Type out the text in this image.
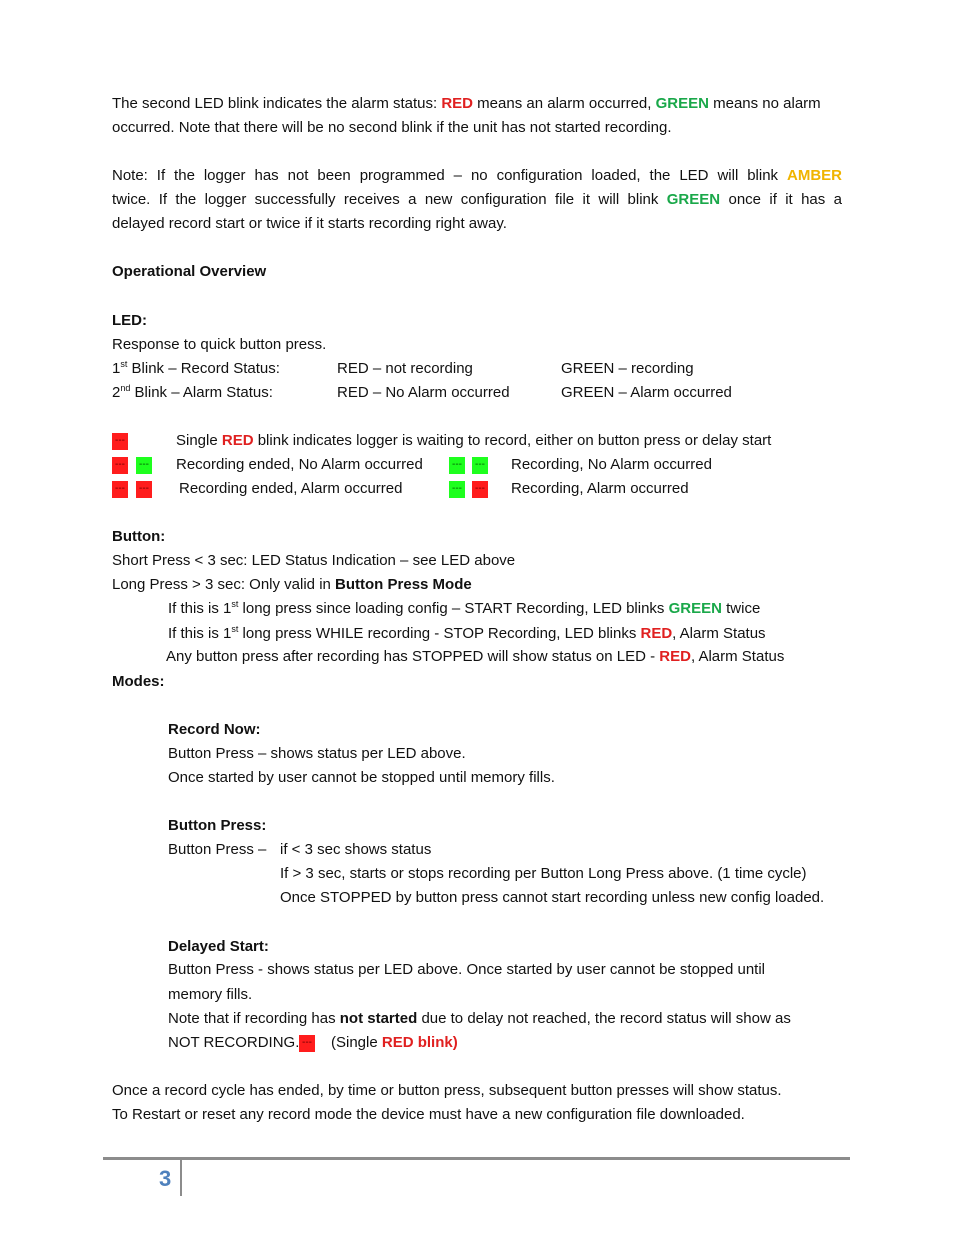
The second LED blink indicates the alarm status: RED means an alarm occurred, GREEN means no alarm
occurred. Note that there will be no second blink if the unit has not started recording.
Note: If the logger has not been programmed – no configuration loaded, the LED will blink AMBER
twice. If the logger successfully receives a new configuration file it will blink GREEN once if it has a
delayed record start or twice if it starts recording right away.
Operational Overview
LED:
Response to quick button press.
1st Blink – Record Status:	RED – not recording	GREEN – recording
2nd Blink – Alarm Status:	RED – No Alarm occurred	GREEN – Alarm occurred
---	Single RED blink indicates logger is waiting to record, either on button press or delay start
---	--- Recording ended, No Alarm occurred	---	--- Recording, No Alarm occurred
---	--- Recording ended, Alarm occurred	---	--- Recording, Alarm occurred
Button:
Short Press < 3 sec: LED Status Indication – see LED above
Long Press > 3 sec: Only valid in Button Press Mode
If this is 1st long press since loading config – START Recording, LED blinks GREEN twice
If this is 1st long press WHILE recording - STOP Recording, LED blinks RED, Alarm Status
Any button press after recording has STOPPED will show status on LED - RED, Alarm Status
Modes:
Record Now:
Button Press – shows status per LED above.
Once started by user cannot be stopped until memory fills.
Button Press:
Button Press – if < 3 sec shows status
If > 3 sec, starts or stops recording per Button Long Press above. (1 time cycle)
Once STOPPED by button press cannot start recording unless new config loaded.
Delayed Start:
Button Press - shows status per LED above. Once started by user cannot be stopped until
memory fills.
Note that if recording has not started due to delay not reached, the record status will show as
NOT RECORDING. --- (Single RED blink)
Once a record cycle has ended, by time or button press, subsequent button presses will show status.
To Restart or reset any record mode the device must have a new configuration file downloaded.
3
